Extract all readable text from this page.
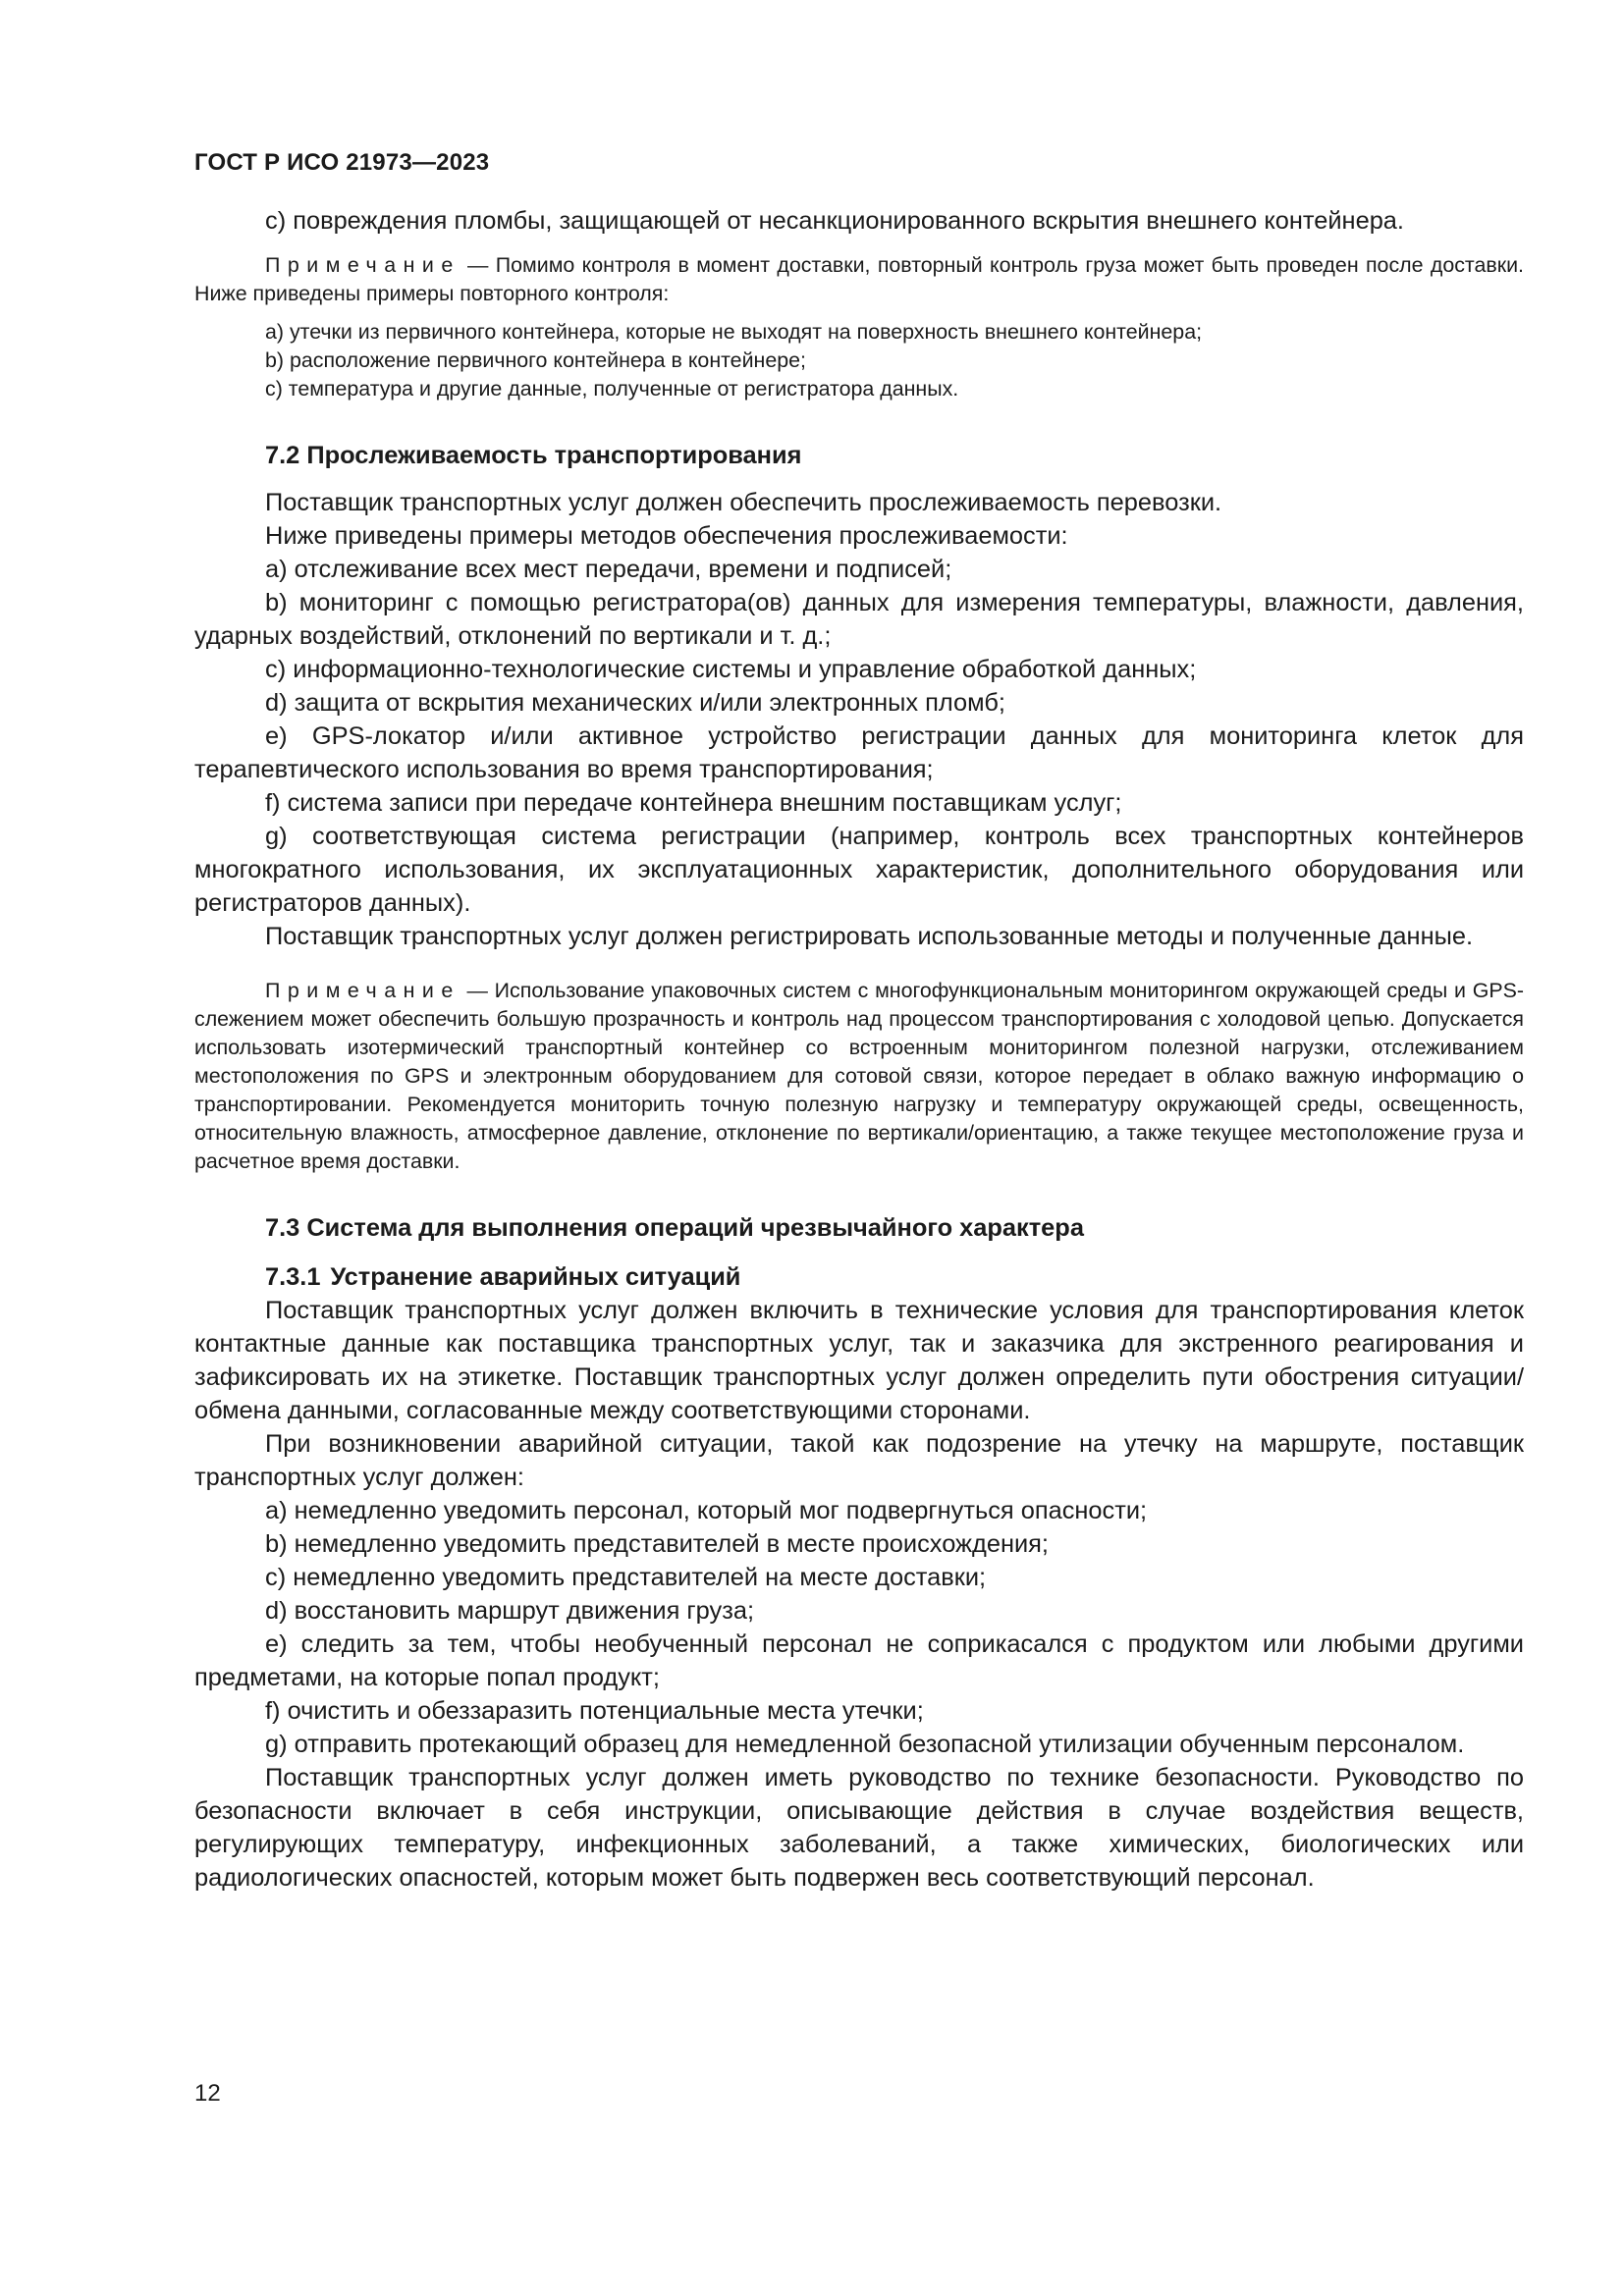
ГОСТ Р ИСО 21973—2023

c) повреждения пломбы, защищающей от несанкционированного вскрытия внешнего контейнера.

Примечание — Помимо контроля в момент доставки, повторный контроль груза может быть проведен после доставки. Ниже приведены примеры повторного контроля:

a) утечки из первичного контейнера, которые не выходят на поверхность внешнего контейнера;

b) расположение первичного контейнера в контейнере;

c) температура и другие данные, полученные от регистратора данных.

7.2 Прослеживаемость транспортирования

Поставщик транспортных услуг должен обеспечить прослеживаемость перевозки.

Ниже приведены примеры методов обеспечения прослеживаемости:

a) отслеживание всех мест передачи, времени и подписей;

b) мониторинг с помощью регистратора(ов) данных для измерения температуры, влажности, давления, ударных воздействий, отклонений по вертикали и т. д.;

c) информационно-технологические системы и управление обработкой данных;

d) защита от вскрытия механических и/или электронных пломб;

e) GPS-локатор и/или активное устройство регистрации данных для мониторинга клеток для терапевтического использования во время транспортирования;

f) система записи при передаче контейнера внешним поставщикам услуг;

g) соответствующая система регистрации (например, контроль всех транспортных контейнеров многократного использования, их эксплуатационных характеристик, дополнительного оборудования или регистраторов данных).

Поставщик транспортных услуг должен регистрировать использованные методы и полученные данные.

Примечание — Использование упаковочных систем с многофункциональным мониторингом окружающей среды и GPS-слежением может обеспечить большую прозрачность и контроль над процессом транспортирования с холодовой цепью. Допускается использовать изотермический транспортный контейнер со встроенным мониторингом полезной нагрузки, отслеживанием местоположения по GPS и электронным оборудованием для сотовой связи, которое передает в облако важную информацию о транспортировании. Рекомендуется мониторить точную полезную нагрузку и температуру окружающей среды, освещенность, относительную влажность, атмосферное давление, отклонение по вертикали/ориентацию, а также текущее местоположение груза и расчетное время доставки.

7.3 Система для выполнения операций чрезвычайного характера
7.3.1 Устранение аварийных ситуаций

Поставщик транспортных услуг должен включить в технические условия для транспортирования клеток контактные данные как поставщика транспортных услуг, так и заказчика для экстренного реагирования и зафиксировать их на этикетке. Поставщик транспортных услуг должен определить пути обострения ситуации/обмена данными, согласованные между соответствующими сторонами.

При возникновении аварийной ситуации, такой как подозрение на утечку на маршруте, поставщик транспортных услуг должен:

a) немедленно уведомить персонал, который мог подвергнуться опасности;

b) немедленно уведомить представителей в месте происхождения;

c) немедленно уведомить представителей на месте доставки;

d) восстановить маршрут движения груза;

e) следить за тем, чтобы необученный персонал не соприкасался с продуктом или любыми другими предметами, на которые попал продукт;

f) очистить и обеззаразить потенциальные места утечки;

g) отправить протекающий образец для немедленной безопасной утилизации обученным персоналом.

Поставщик транспортных услуг должен иметь руководство по технике безопасности. Руководство по безопасности включает в себя инструкции, описывающие действия в случае воздействия веществ, регулирующих температуру, инфекционных заболеваний, а также химических, биологических или радиологических опасностей, которым может быть подвержен весь соответствующий персонал.

12
